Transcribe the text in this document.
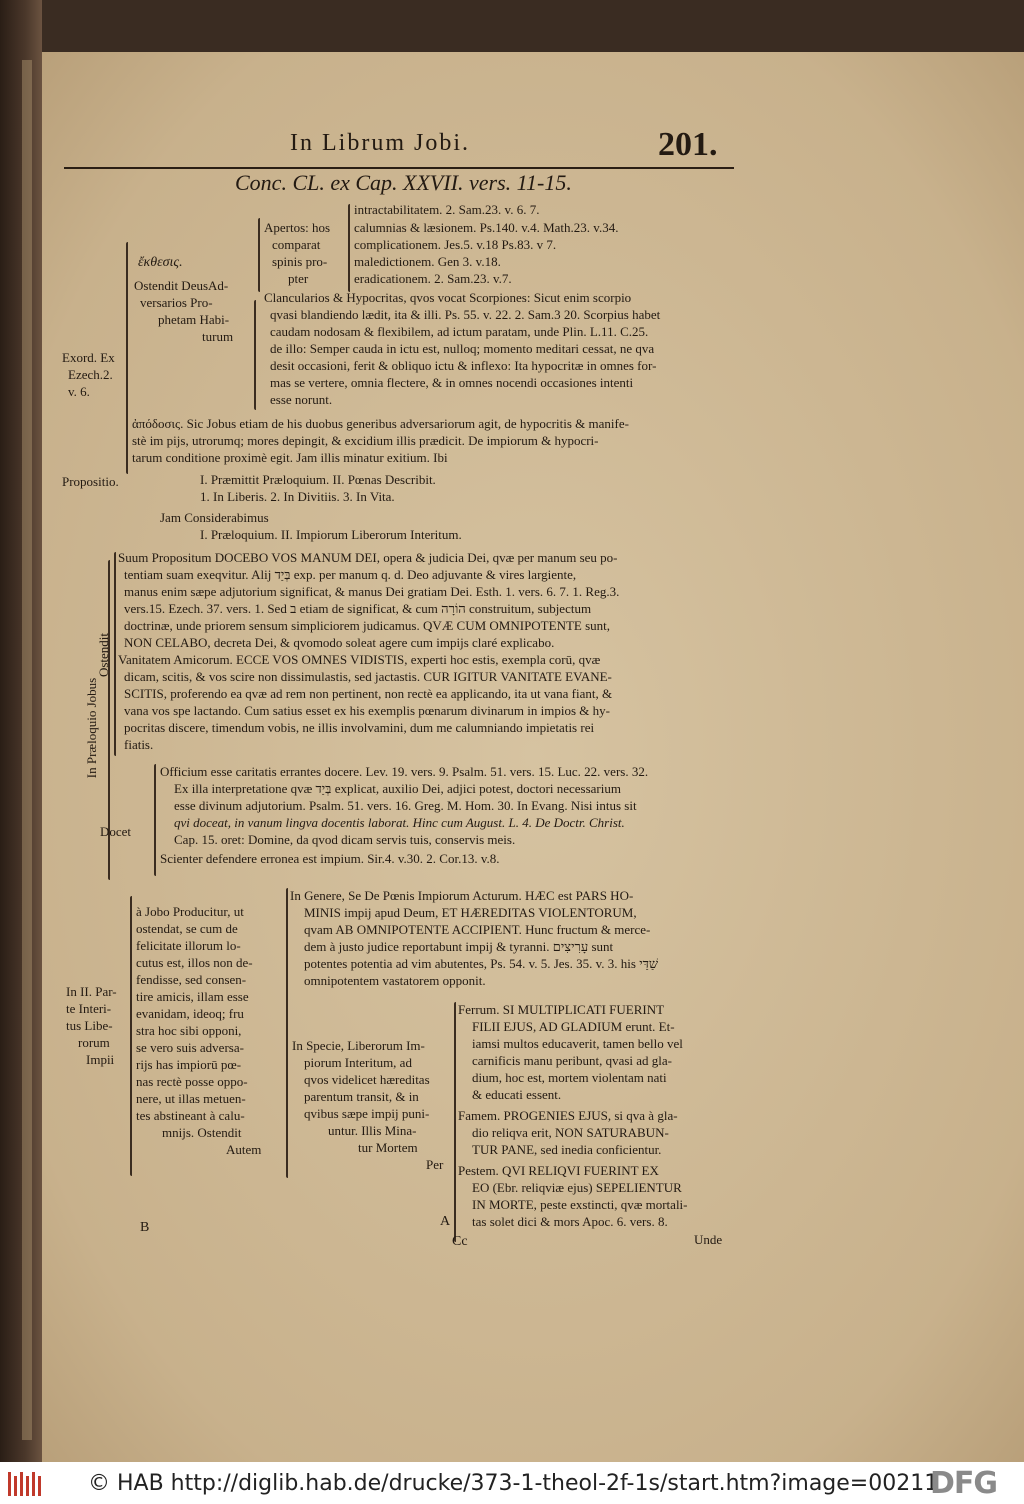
In Librum Jobi.	201.
Conc. CL. ex Cap. XXVII. vers. 11-15.
ἔκθεσις.
Exord. Ex
Ezech.2.
v. 6.
Ostendit DeusAd-
versarios Pro-
phetam Habi-
turum
Apertos: hos
comparat
spinis pro-
pter
intractabilitatem. 2. Sam.23. v. 6. 7.
calumnias & læsionem. Ps.140. v.4. Math.23. v.34.
complicationem. Jes.5. v.18 Ps.83. v 7.
maledictionem. Gen 3. v.18.
eradicationem. 2. Sam.23. v.7.
Clancularios & Hypocritas, qvos vocat Scorpiones: Sicut enim scorpio
qvasi blandiendo lædit, ita & illi. Ps. 55. v. 22. 2. Sam.3 20. Scorpius habet
caudam nodosam & flexibilem, ad ictum paratam, unde Plin. L.11. C.25.
de illo: Semper cauda in ictu est, nulloq; momento meditari cessat, ne qva
desit occasioni, ferit & obliquo ictu & inflexo: Ita hypocritæ in omnes for-
mas se vertere, omnia flectere, & in omnes nocendi occasiones intenti
esse norunt.
ἀπόδοσις. Sic Jobus etiam de his duobus generibus adversariorum agit, de hypocritis & manife-
stè im pijs, utrorumq; mores depingit, & excidium illis prædicit. De impiorum & hypocri-
tarum conditione proximè egit. Jam illis minatur exitium. Ibi
Propositio.	I. Præmittit Præloquium. II. Pœnas Describit.
1. In Liberis. 2. In Divitiis. 3. In Vita.
Jam Considerabimus
I. Præloquium. II. Impiorum Liberorum Interitum.
In Præloquio Jobus
Ostendit
Suum Propositum DOCEBO VOS MANUM DEI, opera & judicia Dei, qvæ per manum seu po-
tentiam suam exeqvitur. Alij בְּיַד exp. per manum q. d. Deo adjuvante & vires largiente,
manus enim sæpe adjutorium significat, & manus Dei gratiam Dei. Esth. 1. vers. 6. 7. 1. Reg.3.
vers.15. Ezech. 37. vers. 1. Sed ב etiam de significat, & cum הוֹרָה construitum, subjectum
doctrinæ, unde priorem sensum simpliciorem judicamus. QVÆ CUM OMNIPOTENTE sunt,
NON CELABO, decreta Dei, & qvomodo soleat agere cum impijs claré explicabo.
Vanitatem Amicorum. ECCE VOS OMNES VIDISTIS, experti hoc estis, exempla corū, qvæ
dicam, scitis, & vos scire non dissimulastis, sed jactastis. CUR IGITUR VANITATE EVANE-
SCITIS, proferendo ea qvæ ad rem non pertinent, non rectè ea applicando, ita ut vana fiant, &
vana vos spe lactando. Cum satius esset ex his exemplis pœnarum divinarum in impios & hy-
pocritas discere, timendum vobis, ne illis involvamini, dum me calumniando impietatis rei
fiatis.
Docet
Officium esse caritatis errantes docere. Lev. 19. vers. 9. Psalm. 51. vers. 15. Luc. 22. vers. 32.
Ex illa interpretatione qvæ בְּיַד explicat, auxilio Dei, adjici potest, doctori necessarium
esse divinum adjutorium. Psalm. 51. vers. 16. Greg. M. Hom. 30. In Evang. Nisi intus sit
qvi doceat, in vanum lingva docentis laborat. Hinc cum August. L. 4. De Doctr. Christ.
Cap. 15. oret: Domine, da qvod dicam servis tuis, conservis meis.
Scienter defendere erronea est impium. Sir.4. v.30. 2. Cor.13. v.8.
In II. Par-
te Interi-
tus Libe-
rorum
Impii
à Jobo Producitur, ut
ostendat, se cum de
felicitate illorum lo-
cutus est, illos non de-
fendisse, sed consen-
tire amicis, illam esse
evanidam, ideoq; fru
stra hoc sibi opponi,
se vero suis adversa-
rijs has impiorū pœ-
nas rectè posse oppo-
nere, ut illas metuen-
tes abstineant à calu-
mnijs. Ostendit
Autem
In Genere, Se De Pœnis Impiorum Acturum. HÆC est PARS HO-
MINIS impij apud Deum, ET HÆREDITAS VIOLENTORUM,
qvam AB OMNIPOTENTE ACCIPIENT. Hunc fructum & merce-
dem à justo judice reportabunt impij & tyranni. עָרִיצִים sunt
potentes potentia ad vim abutentes, Ps. 54. v. 5. Jes. 35. v. 3. his שַׁדַּי
omnipotentem vastatorem opponit.
In Specie, Liberorum Im-
piorum Interitum, ad
qvos videlicet hæreditas
parentum transit, & in
qvibus sæpe impij puni-
untur. Illis Mina-
tur Mortem
Per
Ferrum. SI MULTIPLICATI FUERINT
FILII EJUS, AD GLADIUM erunt. Et-
iamsi multos educaverit, tamen bello vel
carnificis manu peribunt, qvasi ad gla-
dium, hoc est, mortem violentam nati
& educati essent.
Famem. PROGENIES EJUS, si qva à gla-
dio reliqva erit, NON SATURABUN-
TUR PANE, sed inedia conficientur.
Pestem. QVI RELIQVI FUERINT EX
EO (Ebr. reliqviæ ejus) SEPELIENTUR
IN MORTE, peste exstincti, qvæ mortali-
tas solet dici & mors Apoc. 6. vers. 8.
B	A
Cc	Unde
© HAB http://diglib.hab.de/drucke/373-1-theol-2f-1s/start.htm?image=00211
DFG
